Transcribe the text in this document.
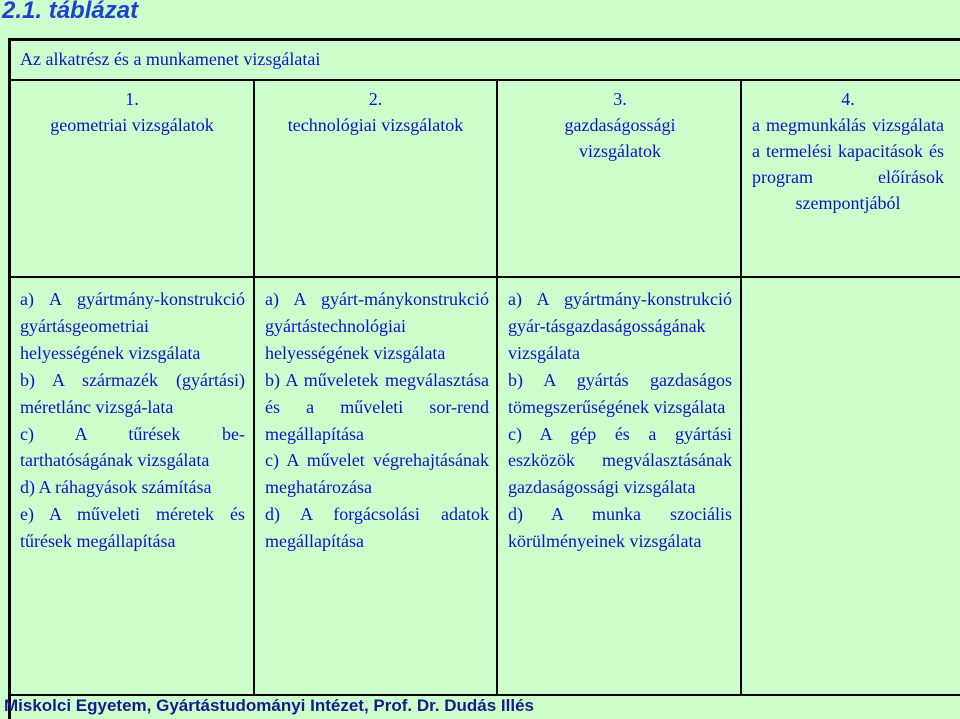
2.1. táblázat
Az alkatrész és a munkamenet vizsgálatai
1.
geometriai vizsgálatok
2.
technológiai vizsgálatok
3.
gazdaságossági vizsgálatok
4.
a megmunkálás vizsgálata a termelési kapacitások és program előírások szempontjából

a) A gyártmány-konstrukció gyártásgeometriai helyességének vizsgálata

b) A származék (gyártási) méretlánc vizsgá-lata

c) A tűrések be-tarthatóságának vizsgálata

d) A ráhagyások számítása

e) A műveleti méretek és tűrések megállapítása

a) A gyárt-mánykonstrukció gyártástechnológiai helyességének vizsgálata

b) A műveletek megválasztása és a műveleti sor-rend megállapítása

c) A művelet végrehajtásának meghatározása

d) A forgácsolási adatok megállapítása

a) A gyártmány-konstrukció gyár-tásgazdaságosságának vizsgálata

b) A gyártás gazdaságos tömegszerűségének vizsgálata

c) A gép és a gyártási eszközök megválasztásának gazdaságossági vizsgálata

d) A munka szociális körülményeinek vizsgálata

Miskolci Egyetem, Gyártástudományi Intézet, Prof. Dr. Dudás Illés
